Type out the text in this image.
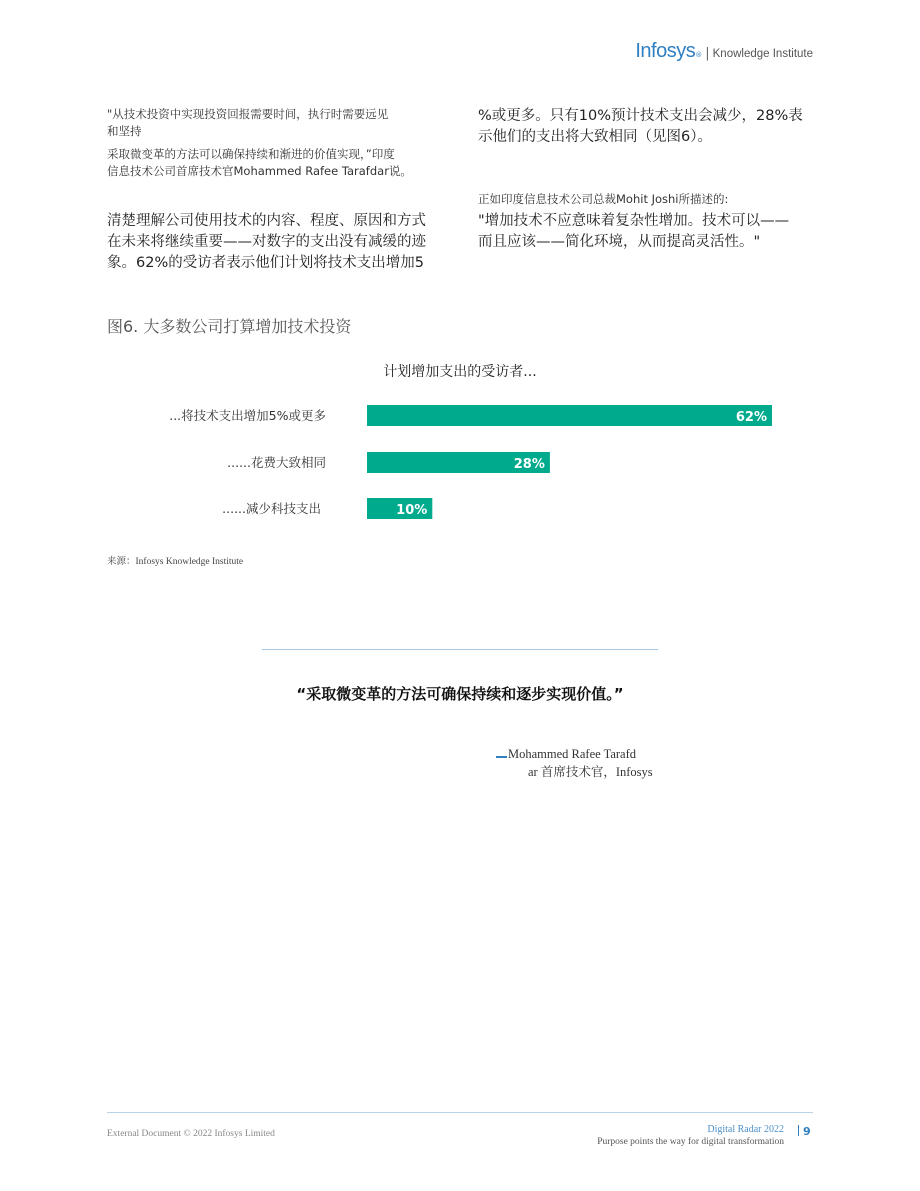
Infosys ® | Knowledge Institute
"从技术投资中实现投资回报需要时间，执行时需要远见
和坚持
采取微变革的方法可以确保持续和渐进的价值实现，”印度
信息技术公司首席技术官Mohammed Rafee Tarafdar说。
清楚理解公司使用技术的内容、程度、原因和方式
在未来将继续重要——对数字的支出没有减缓的迹
象。62%的受访者表示他们计划将技术支出增加5
%或更多。只有10%预计技术支出会减少，28%表
示他们的支出将大致相同（见图6）。
正如印度信息技术公司总裁Mohit Joshi所描述的:
"增加技术不应意味着复杂性增加。技术可以——
而且应该——简化环境，从而提高灵活性。"
图6. 大多数公司打算增加技术投资
计划增加支出的受访者...
...将技术支出增加5%或更多	62%
......花费大致相同	28%
......减少科技支出	10%
来源：Infosys Knowledge Institute
“采取微变革的方法可确保持续和逐步实现价值。”
Mohammed Rafee Tarafd
ar 首席技术官，Infosys
External Document © 2022 Infosys Limited	Digital Radar 2022
Purpose points the way for digital transformation
9
